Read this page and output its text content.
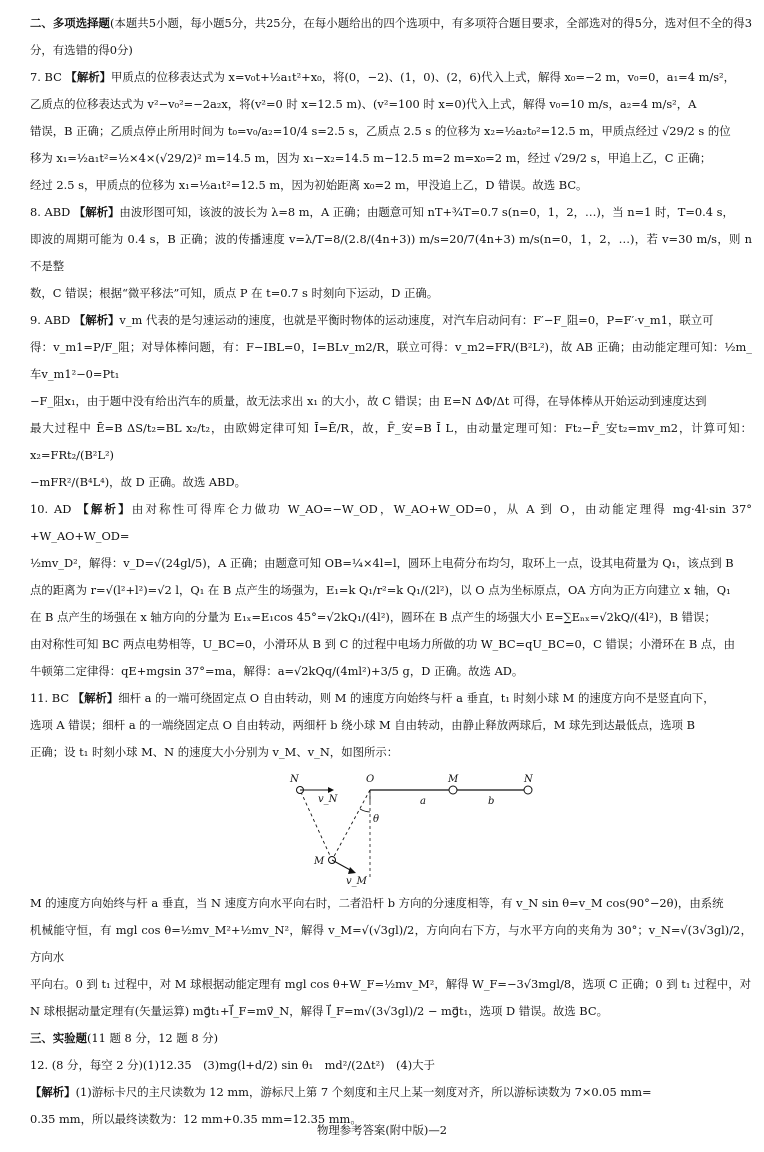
二、多项选择题(本题共5小题，每小题5分，共25分，在每小题给出的四个选项中，有多项符合题目要求，全部选对的得5分，选对但不全的得3分，有选错的得0分)

7. BC 【解析】甲质点的位移表达式为 x=v₀t+½a₁t²+x₀，将(0，−2)、(1，0)、(2，6)代入上式，解得 x₀=−2 m，v₀=0，a₁=4 m/s²，

乙质点的位移表达式为 v²−v₀²=−2a₂x，将(v²=0 时 x=12.5 m)、(v²=100 时 x=0)代入上式，解得 v₀=10 m/s，a₂=4 m/s²，A

错误，B 正确；乙质点停止所用时间为 t₀=v₀/a₂=10/4 s=2.5 s，乙质点 2.5 s 的位移为 x₂=½a₂t₀²=12.5 m，甲质点经过 √29/2 s 的位

移为 x₁=½a₁t²=½×4×(√29/2)² m=14.5 m，因为 x₁−x₂=14.5 m−12.5 m=2 m=x₀=2 m，经过 √29/2 s，甲追上乙，C 正确；

经过 2.5 s，甲质点的位移为 x₁=½a₁t²=12.5 m，因为初始距离 x₀=2 m，甲没追上乙，D 错误。故选 BC。

8. ABD 【解析】由波形图可知，该波的波长为 λ=8 m，A 正确；由题意可知 nT+¾T=0.7 s(n=0，1，2，…)，当 n=1 时，T=0.4 s，

即波的周期可能为 0.4 s，B 正确；波的传播速度 v=λ/T=8/(2.8/(4n+3)) m/s=20/7(4n+3) m/s(n=0，1，2，…)，若 v=30 m/s，则 n 不是整

数，C 错误；根据“微平移法”可知，质点 P 在 t=0.7 s 时刻向下运动，D 正确。

9. ABD 【解析】v_m 代表的是匀速运动的速度，也就是平衡时物体的运动速度，对汽车启动问有：F′−F_阻=0，P=F′·v_m1，联立可

得：v_m1=P/F_阻；对导体棒问题，有：F−IBL=0，I=BLv_m2/R，联立可得：v_m2=FR/(B²L²)，故 AB 正确；由动能定理可知：½m_车v_m1²−0=Pt₁

−F_阻x₁，由于题中没有给出汽车的质量，故无法求出 x₁ 的大小，故 C 错误；由 E=N ΔΦ/Δt 可得，在导体棒从开始运动到速度达到

最大过程中 Ē=B ΔS/t₂=BL x₂/t₂，由欧姆定律可知 Ī=Ē/R，故，F̄_安=B Ī L，由动量定理可知：Ft₂−F̄_安t₂=mv_m2，计算可知：x₂=FRt₂/(B²L²)

−mFR²/(B⁴L⁴)，故 D 正确。故选 ABD。

10. AD 【解析】由对称性可得库仑力做功 W_AO=−W_OD，W_AO+W_OD=0，从 A 到 O，由动能定理得 mg·4l·sin 37°+W_AO+W_OD=

½mv_D²，解得：v_D=√(24gl/5)，A 正确；由题意可知 OB=¼×4l=l，圆环上电荷分布均匀，取环上一点，设其电荷量为 Q₁，该点到 B

点的距离为 r=√(l²+l²)=√2 l，Q₁ 在 B 点产生的场强为，E₁=k Q₁/r²=k Q₁/(2l²)，以 O 点为坐标原点，OA 方向为正方向建立 x 轴，Q₁

在 B 点产生的场强在 x 轴方向的分量为 E₁ₓ=E₁cos 45°=√2kQ₁/(4l²)，圆环在 B 点产生的场强大小 E=∑Eₙₓ=√2kQ/(4l²)，B 错误；

由对称性可知 BC 两点电势相等，U_BC=0，小滑环从 B 到 C 的过程中电场力所做的功 W_BC=qU_BC=0，C 错误；小滑环在 B 点，由

牛顿第二定律得：qE+mgsin 37°=ma，解得：a=√2kQq/(4ml²)+3/5 g，D 正确。故选 AD。

11. BC 【解析】细杆 a 的一端可绕固定点 O 自由转动，则 M 的速度方向始终与杆 a 垂直，t₁ 时刻小球 M 的速度方向不是竖直向下，

选项 A 错误；细杆 a 的一端绕固定点 O 自由转动，两细杆 b 绕小球 M 自由转动，由静止释放两球后，M 球先到达最低点，选项 B

正确；设 t₁ 时刻小球 M、N 的速度大小分别为 v_M、v_N，如图所示：

N	O	M	N
a	b
θ
M
v_M
v_N

M 的速度方向始终与杆 a 垂直，当 N 速度方向水平向右时，二者沿杆 b 方向的分速度相等，有 v_N sin θ=v_M cos(90°−2θ)，由系统

机械能守恒，有 mgl cos θ=½mv_M²+½mv_N²，解得 v_M=√(√3gl)/2，方向向右下方，与水平方向的夹角为 30°；v_N=√(3√3gl)/2，方向水

平向右。0 到 t₁ 过程中，对 M 球根据动能定理有 mgl cos θ+W_F=½mv_M²，解得 W_F=−3√3mgl/8，选项 C 正确；0 到 t₁ 过程中，对

N 球根据动量定理有(矢量运算) mg⃗t₁+I⃗_F=mv⃗_N，解得 I⃗_F=m√(3√3gl)/2 − mg⃗t₁，选项 D 错误。故选 BC。

三、实验题(11 题 8 分，12 题 8 分)

12. (8 分，每空 2 分)(1)12.35　(3)mg(l+d/2) sin θ₁　md²/(2Δt²)　(4)大于

【解析】(1)游标卡尺的主尺读数为 12 mm，游标尺上第 7 个刻度和主尺上某一刻度对齐，所以游标读数为 7×0.05 mm=

0.35 mm，所以最终读数为：12 mm+0.35 mm=12.35 mm。

物理参考答案(附中版)—2
